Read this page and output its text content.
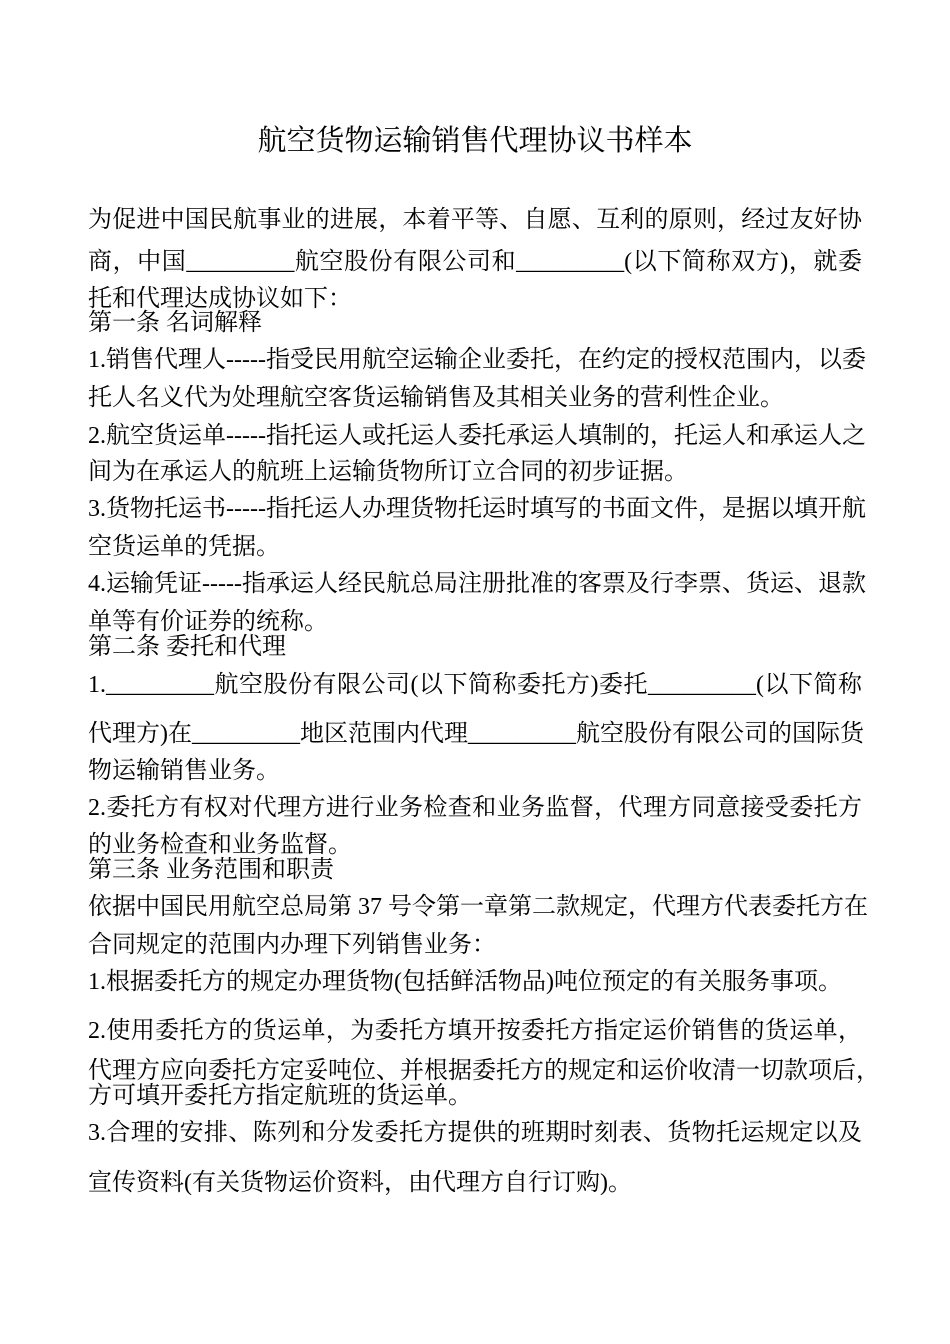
航空货物运输销售代理协议书样本
为促进中国民航事业的进展，本着平等、自愿、互利的原则，经过友好协
商，中国_________航空股份有限公司和_________(以下简称双方)，就委
托和代理达成协议如下：
第一条 名词解释
1.销售代理人-----指受民用航空运输企业委托，在约定的授权范围内，以委
托人名义代为处理航空客货运输销售及其相关业务的营利性企业。
2.航空货运单-----指托运人或托运人委托承运人填制的，托运人和承运人之
间为在承运人的航班上运输货物所订立合同的初步证据。
3.货物托运书-----指托运人办理货物托运时填写的书面文件，是据以填开航
空货运单的凭据。
4.运输凭证-----指承运人经民航总局注册批准的客票及行李票、货运、退款
单等有价证券的统称。
第二条 委托和代理
1._________航空股份有限公司(以下简称委托方)委托_________(以下简称
代理方)在_________地区范围内代理_________航空股份有限公司的国际货
物运输销售业务。
2.委托方有权对代理方进行业务检查和业务监督，代理方同意接受委托方
的业务检查和业务监督。
第三条 业务范围和职责
依据中国民用航空总局第 37 号令第一章第二款规定，代理方代表委托方在
合同规定的范围内办理下列销售业务：
1.根据委托方的规定办理货物(包括鲜活物品)吨位预定的有关服务事项。
2.使用委托方的货运单，为委托方填开按委托方指定运价销售的货运单，
代理方应向委托方定妥吨位、并根据委托方的规定和运价收清一切款项后，
方可填开委托方指定航班的货运单。
3.合理的安排、陈列和分发委托方提供的班期时刻表、货物托运规定以及
宣传资料(有关货物运价资料，由代理方自行订购)。
